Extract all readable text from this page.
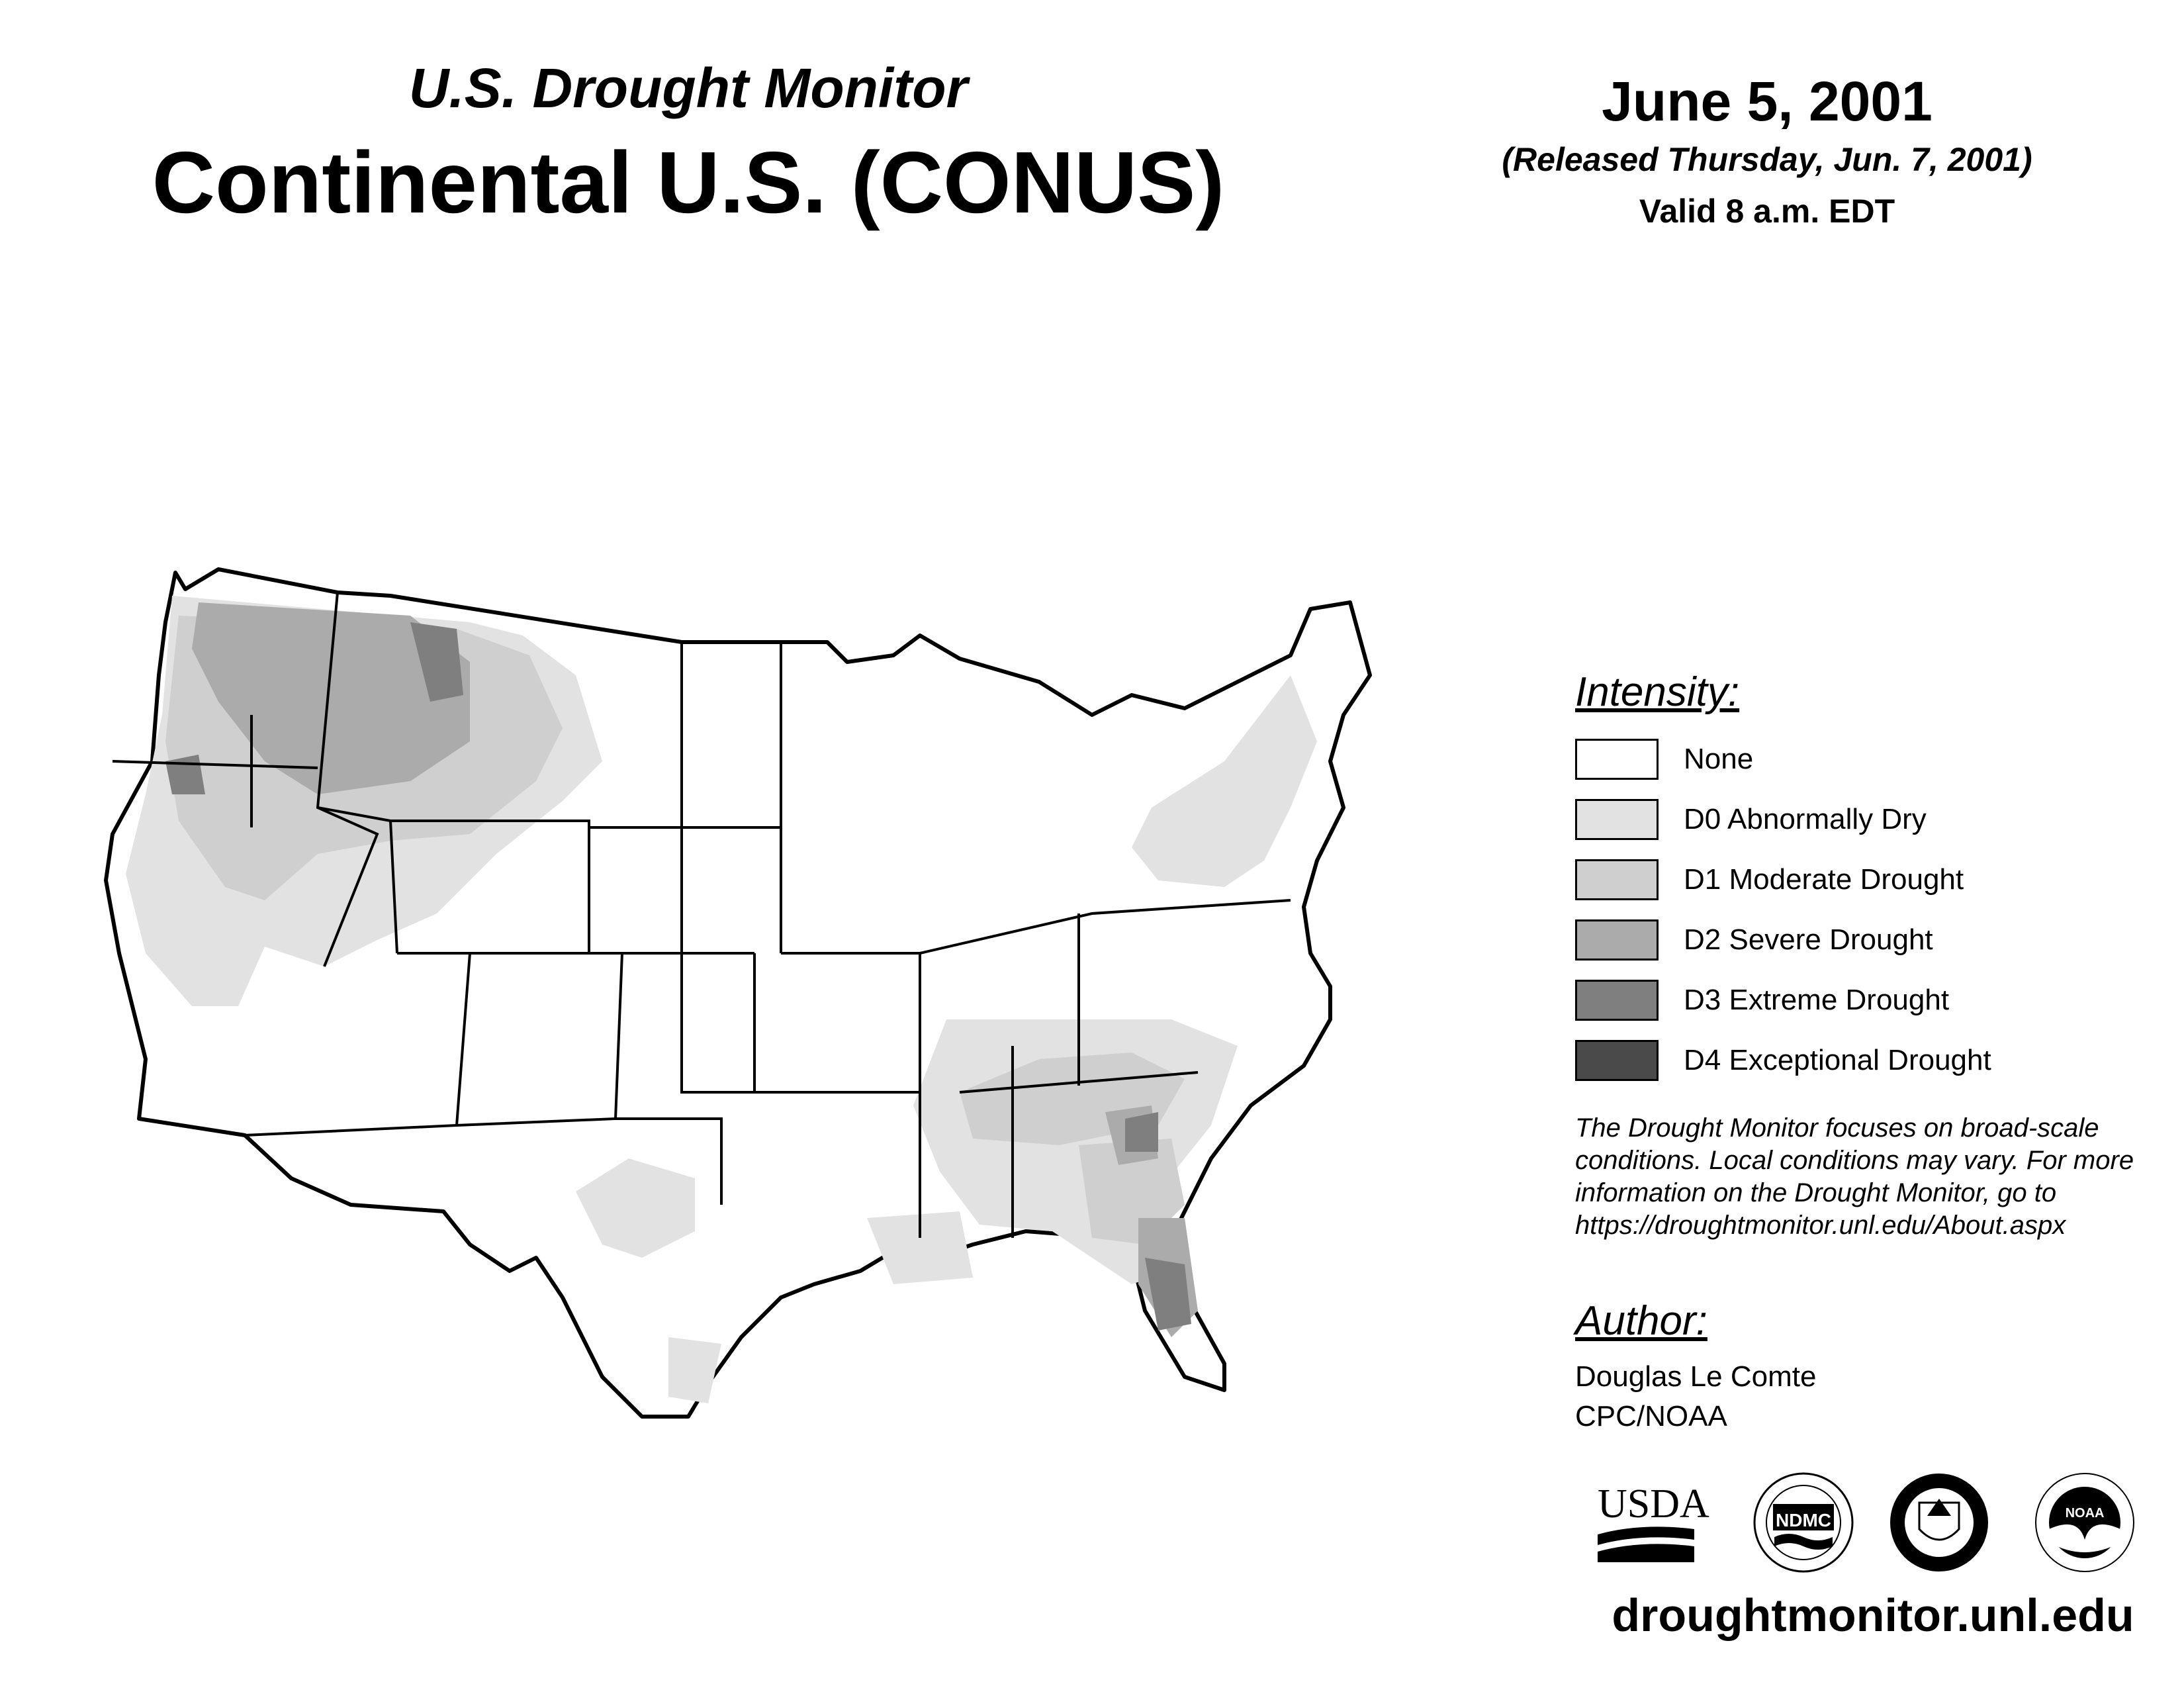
U.S. Drought Monitor
Continental U.S. (CONUS)
June 5, 2001
(Released Thursday, Jun. 7, 2001)
Valid 8 a.m. EDT
Intensity:
None
D0 Abnormally Dry
D1 Moderate Drought
D2 Severe Drought
D3 Extreme Drought
D4 Exceptional Drought
The Drought Monitor focuses on broad-scale
conditions. Local conditions may vary. For more
information on the Drought Monitor, go to
https://droughtmonitor.unl.edu/About.aspx
Author:
Douglas Le Comte
CPC/NOAA
USDA	NDMC	NOAA
droughtmonitor.unl.edu
